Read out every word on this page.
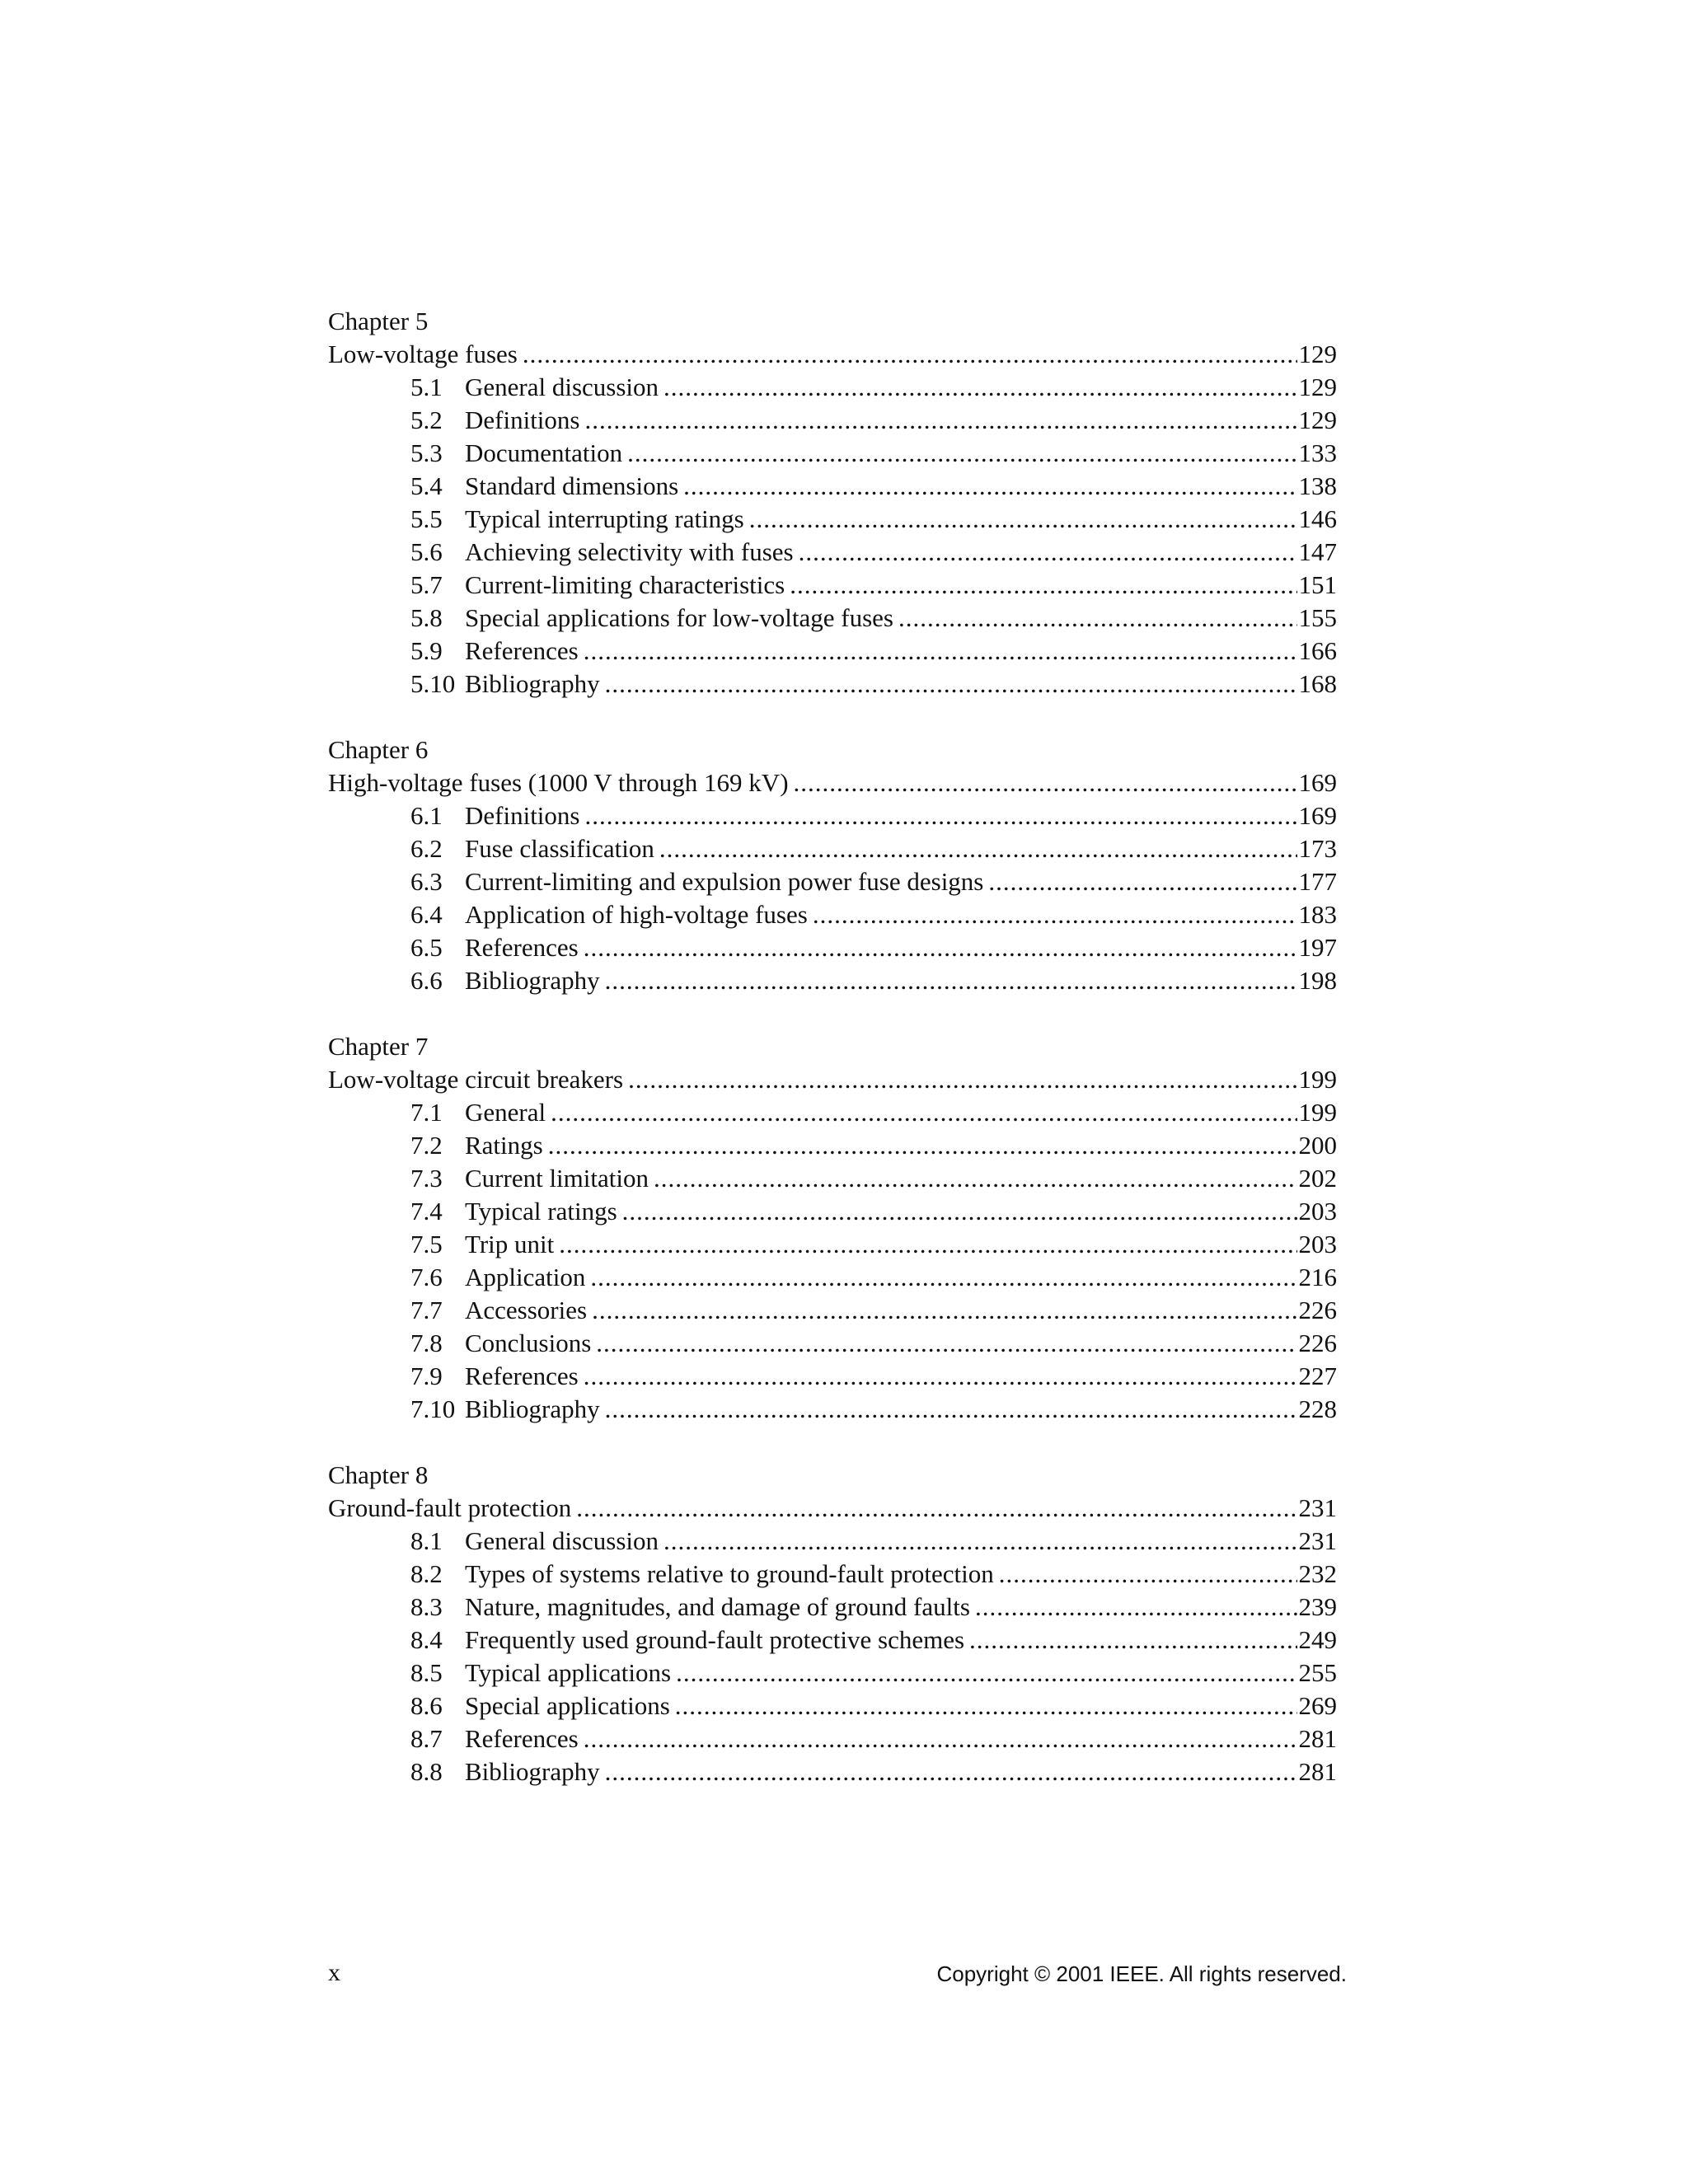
Chapter 5
Low-voltage fuses .....	129
5.1 General discussion .....	129
5.2 Definitions .....	129
5.3 Documentation .....	133
5.4 Standard dimensions .....	138
5.5 Typical interrupting ratings .....	146
5.6 Achieving selectivity with fuses .....	147
5.7 Current-limiting characteristics .....	151
5.8 Special applications for low-voltage fuses .....	155
5.9 References .....	166
5.10 Bibliography .....	168
Chapter 6
High-voltage fuses (1000 V through 169 kV) .....	169
6.1 Definitions .....	169
6.2 Fuse classification .....	173
6.3 Current-limiting and expulsion power fuse designs .....	177
6.4 Application of high-voltage fuses .....	183
6.5 References .....	197
6.6 Bibliography .....	198
Chapter 7
Low-voltage circuit breakers .....	199
7.1 General .....	199
7.2 Ratings .....	200
7.3 Current limitation .....	202
7.4 Typical ratings .....	203
7.5 Trip unit .....	203
7.6 Application .....	216
7.7 Accessories .....	226
7.8 Conclusions .....	226
7.9 References .....	227
7.10 Bibliography .....	228
Chapter 8
Ground-fault protection .....	231
8.1 General discussion .....	231
8.2 Types of systems relative to ground-fault protection .....	232
8.3 Nature, magnitudes, and damage of ground faults .....	239
8.4 Frequently used ground-fault protective schemes .....	249
8.5 Typical applications .....	255
8.6 Special applications .....	269
8.7 References .....	281
8.8 Bibliography .....	281
x	Copyright © 2001 IEEE. All rights reserved.
